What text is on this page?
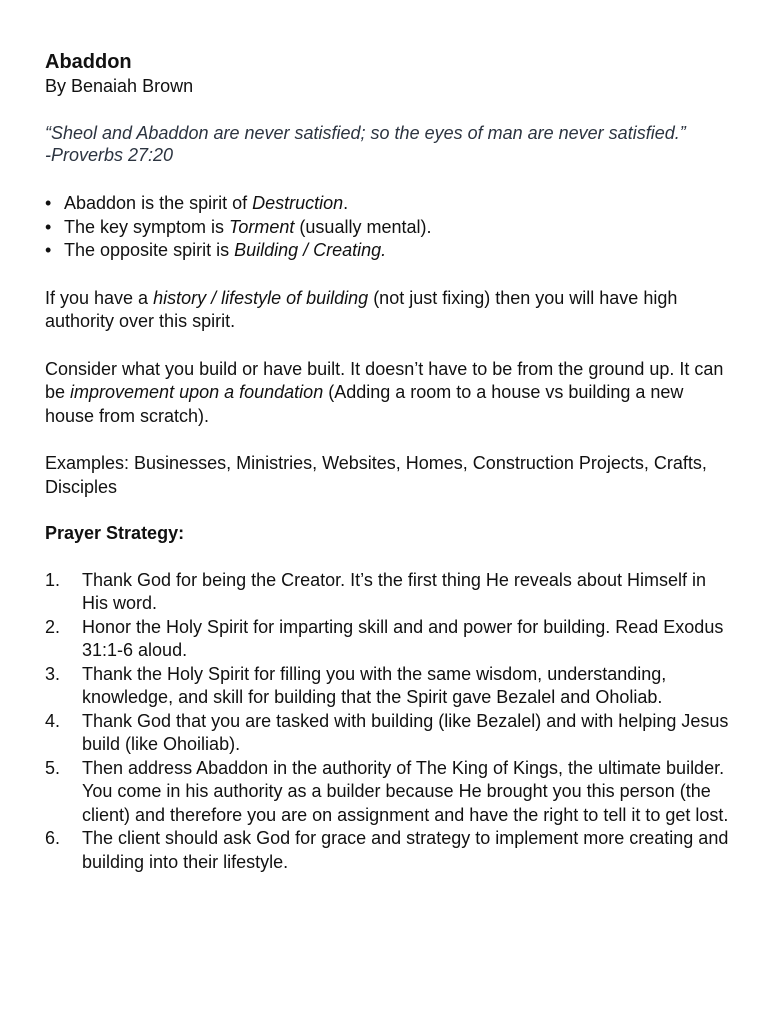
Abaddon
By Benaiah Brown
“Sheol and Abaddon are never satisfied; so the eyes of man are never satisfied.”
-Proverbs 27:20
• Abaddon is the spirit of Destruction.
• The key symptom is Torment (usually mental).
• The opposite spirit is Building / Creating.

If you have a history / lifestyle of building (not just fixing) then you will have high authority over this spirit.

Consider what you build or have built. It doesn’t have to be from the ground up. It can be improvement upon a foundation (Adding a room to a house vs building a new house from scratch).

Examples: Businesses, Ministries, Websites, Homes, Construction Projects, Crafts, Disciples

Prayer Strategy:
1. Thank God for being the Creator. It’s the first thing He reveals about Himself in His word.
2. Honor the Holy Spirit for imparting skill and and power for building. Read Exodus 31:1-6 aloud.
3. Thank the Holy Spirit for filling you with the same wisdom, understanding, knowledge, and skill for building that the Spirit gave Bezalel and Oholiab.
4. Thank God that you are tasked with building (like Bezalel) and with helping Jesus build (like Ohoiliab).
5. Then address Abaddon in the authority of The King of Kings, the ultimate builder. You come in his authority as a builder because He brought you this person (the client) and therefore you are on assignment and have the right to tell it to get lost.
6. The client should ask God for grace and strategy to implement more creating and building into their lifestyle.
